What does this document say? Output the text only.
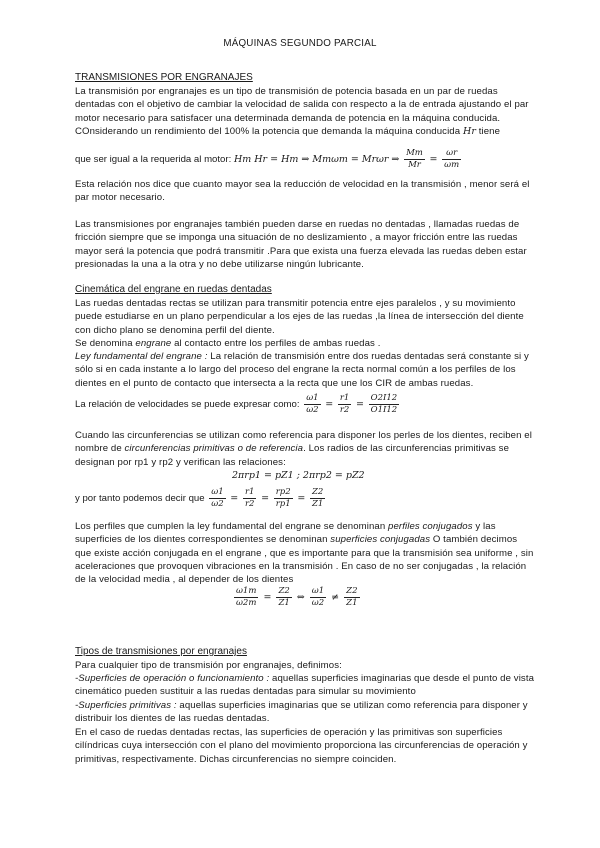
MÁQUINAS SEGUNDO PARCIAL
TRANSMISIONES POR ENGRANAJES
La transmisión por engranajes es un tipo de transmisión de potencia basada en un par de ruedas dentadas con el objetivo de cambiar la velocidad de salida con respecto a la de entrada ajustando el par motor necesario para satisfacer una determinada demanda de potencia en la máquina conducida. COnsiderando un rendimiento del 100% la potencia que demanda la máquina conducida Hr tiene
que ser igual a la requerida al motor: Hm Hr = Hm ⇒ Mmωm = Mrωr ⇒ $\frac{Mm}{Mr} = \frac{\omega r}{\omega m}$
Esta relación nos dice que cuanto mayor sea la reducción de velocidad en la transmisión , menor será el par motor necesario.
Las transmisiones por engranajes también pueden darse en ruedas no dentadas , llamadas ruedas de fricción siempre que se imponga una situación de no deslizamiento , a mayor fricción entre las ruedas mayor será la potencia que podrá transmitir .Para que exista una fuerza elevada las ruedas deben estar presionadas la una a la otra y no debe utilizarse ningún lubricante.
Cinemática del engrane en ruedas dentadas
Las ruedas dentadas rectas se utilizan para transmitir potencia entre ejes paralelos , y su movimiento puede estudiarse en un plano perpendicular a los ejes de las ruedas ,la línea de intersección del diente con dicho plano se denomina perfil del diente.
Se denomina engrane al contacto entre los perfiles de ambas ruedas .
Ley fundamental del engrane : La relación de transmisión entre dos ruedas dentadas será constante si y sólo si en cada instante a lo largo del proceso del engrane la recta normal común a los perfiles de los dientes en el punto de contacto que intersecta a la recta que une los CIR de ambas ruedas.
La relación de velocidades se puede expresar como: $\frac{\omega 1}{\omega 2} = \frac{r1}{r2} = \frac{O2I12}{O1I12}$
Cuando las circunferencias se utilizan como referencia para disponer los perles de los dientes, reciben el nombre de circunferencias primitivas o de referencia. Los radios de las circunferencias primitivas se designan por rp1 y rp2 y verifican las relaciones:
2πrp1 = pZ1 ; 2πrp2 = pZ2
y por tanto podemos decir que $\frac{\omega 1}{\omega 2} = \frac{r1}{r2} = \frac{rp2}{rp1} = \frac{Z2}{Z1}$
Los perfiles que cumplen la ley fundamental del engrane se denominan perfiles conjugados y las superficies de los dientes correspondientes se denominan superficies conjugadas O también decimos que existe acción conjugada en el engrane , que es importante para que la transmisión sea uniforme , sin aceleraciones que provoquen vibraciones en la transmisión . En caso de no ser conjugadas , la relación de la velocidad media , al depender de los dientes
$\frac{\omega 1m}{\omega 2m} = \frac{Z2}{Z1}$ ⇔ $\frac{\omega 1}{\omega 2} \ne \frac{Z2}{Z1}$
Tipos de transmisiones por engranajes
Para cualquier tipo de transmisión por engranajes, definimos:
-Superficies de operación o funcionamiento : aquellas superficies imaginarias que desde el punto de vista cinemático pueden sustituir a las ruedas dentadas para simular su movimiento
-Superficies primitivas : aquellas superficies imaginarias que se utilizan como referencia para disponer y distribuir los dientes de las ruedas dentadas.
En el caso de ruedas dentadas rectas, las superficies de operación y las primitivas son superficies cilíndricas cuya intersección con el plano del movimiento proporciona las circunferencias de operación y primitivas, respectivamente. Dichas circunferencias no siempre coinciden.
